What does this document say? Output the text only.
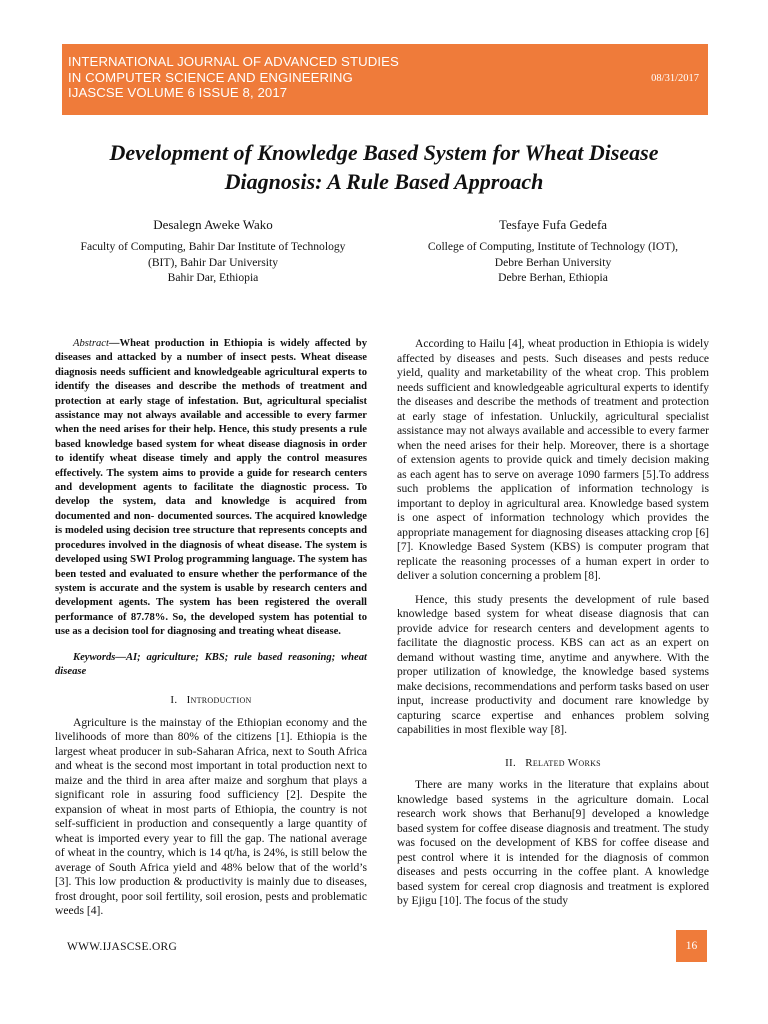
INTERNATIONAL JOURNAL OF ADVANCED STUDIES
IN COMPUTER SCIENCE AND ENGINEERING
IJASCSE VOLUME 6 ISSUE 8, 2017
08/31/2017
Development of Knowledge Based System for Wheat Disease
Diagnosis: A Rule Based Approach
Desalegn Aweke Wako
Faculty of Computing, Bahir Dar Institute of Technology
(BIT), Bahir Dar University
Bahir Dar, Ethiopia
Tesfaye Fufa Gedefa
College of Computing, Institute of Technology (IOT),
Debre Berhan University
Debre Berhan, Ethiopia

Abstract—Wheat production in Ethiopia is widely affected by diseases and attacked by a number of insect pests. Wheat disease diagnosis needs sufficient and knowledgeable agricultural experts to identify the diseases and describe the methods of treatment and protection at early stage of infestation. But, agricultural specialist assistance may not always available and accessible to every farmer when the need arises for their help. Hence, this study presents a rule based knowledge based system for wheat disease diagnosis in order to identify wheat disease timely and apply the control measures effectively. The system aims to provide a guide for research centers and development agents to facilitate the diagnostic process. To develop the system, data and knowledge is acquired from documented and non- documented sources. The acquired knowledge is modeled using decision tree structure that represents concepts and procedures involved in the diagnosis of wheat disease. The system is developed using SWI Prolog programming language. The system has been tested and evaluated to ensure whether the performance of the system is accurate and the system is usable by research centers and development agents. The system has been registered the overall performance of 87.78%. So, the developed system has potential to use as a decision tool for diagnosing and treating wheat disease.

Keywords—AI; agriculture; KBS; rule based reasoning; wheat disease

I. Introduction

Agriculture is the mainstay of the Ethiopian economy and the livelihoods of more than 80% of the citizens [1]. Ethiopia is the largest wheat producer in sub-Saharan Africa, next to South Africa and wheat is the second most important in total production next to maize and the third in area after maize and sorghum that plays a significant role in assuring food sufficiency [2]. Despite the expansion of wheat in most parts of Ethiopia, the country is not self-sufficient in production and consequently a large quantity of wheat is imported every year to fill the gap. The national average of wheat in the country, which is 14 qt/ha, is 24%, is still below the average of South Africa yield and 48% below that of the world’s [3]. This low production & productivity is mainly due to diseases, frost drought, poor soil fertility, soil erosion, pests and problematic weeds [4].

According to Hailu [4], wheat production in Ethiopia is widely affected by diseases and pests. Such diseases and pests reduce yield, quality and marketability of the wheat crop. This problem needs sufficient and knowledgeable agricultural experts to identify the diseases and describe the methods of treatment and protection at early stage of infestation. Unluckily, agricultural specialist assistance may not always available and accessible to every farmer when the need arises for their help. Moreover, there is a shortage of extension agents to provide quick and timely decision making as each agent has to serve on average 1090 farmers [5].To address such problems the application of information technology is important to deploy in agricultural area. Knowledge based system is one aspect of information technology which provides the appropriate management for diagnosing diseases attacking crop [6][7]. Knowledge Based System (KBS) is computer program that replicate the reasoning processes of a human expert in order to deliver a solution concerning a problem [8].

Hence, this study presents the development of rule based knowledge based system for wheat disease diagnosis that can provide advice for research centers and development agents to facilitate the diagnostic process. KBS can act as an expert on demand without wasting time, anytime and anywhere. With the proper utilization of knowledge, the knowledge based systems make decisions, recommendations and perform tasks based on user input, increase productivity and document rare knowledge by capturing scarce expertise and enhances problem solving capabilities in most flexible way [8].

II. Related Works

There are many works in the literature that explains about knowledge based systems in the agriculture domain. Local research work shows that Berhanu[9] developed a knowledge based system for coffee disease diagnosis and treatment. The study was focused on the development of KBS for coffee disease and pest control where it is intended for the diagnosis of common diseases and pests occurring in the coffee plant. A knowledge based system for cereal crop diagnosis and treatment is explored by Ejigu [10]. The focus of the study

WWW.IJASCSE.ORG	16
